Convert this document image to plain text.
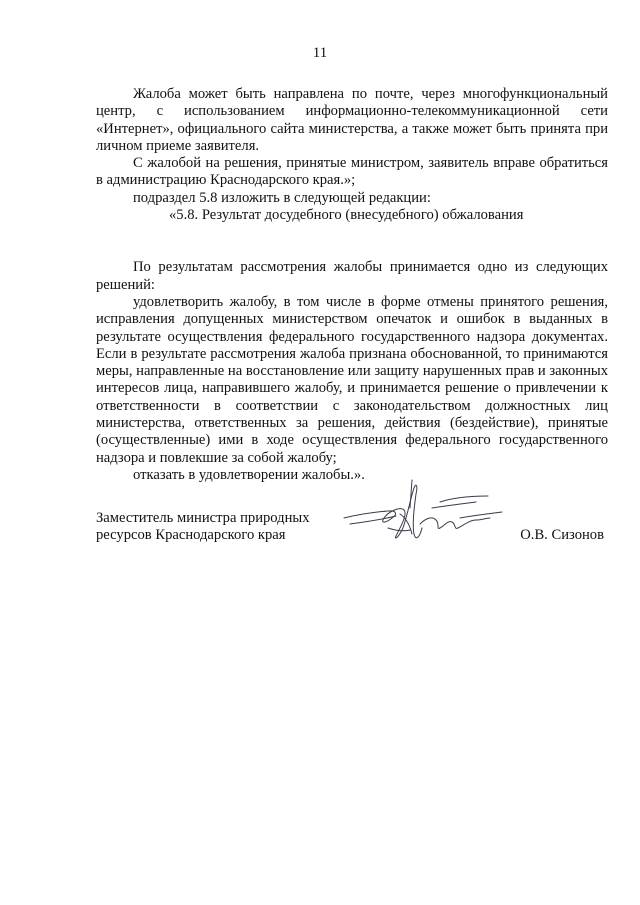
11

Жалоба может быть направлена по почте, через многофункциональный центр, с использованием информационно-телекоммуникационной сети «Интернет», официального сайта министерства, а также может быть принята при личном приеме заявителя.

С жалобой на решения, принятые министром, заявитель вправе обратиться в администрацию Краснодарского края.»;

подраздел 5.8 изложить в следующей редакции:

«5.8. Результат досудебного (внесудебного) обжалования

По результатам рассмотрения жалобы принимается одно из следующих решений:

удовлетворить жалобу, в том числе в форме отмены принятого решения, исправления допущенных министерством опечаток и ошибок в выданных в результате осуществления федерального государственного надзора документах. Если в результате рассмотрения жалоба признана обоснованной, то принимаются меры, направленные на восстановление или защиту нарушенных прав и законных интересов лица, направившего жалобу, и принимается решение о привлечении к ответственности в соответствии с законодательством должностных лиц министерства, ответственных за решения, действия (бездействие), принятые (осуществленные) ими в ходе осуществления федерального государственного надзора и повлекшие за собой жалобу;

отказать в удовлетворении жалобы.».

Заместитель министра природных
ресурсов Краснодарского края	О.В. Сизонов
